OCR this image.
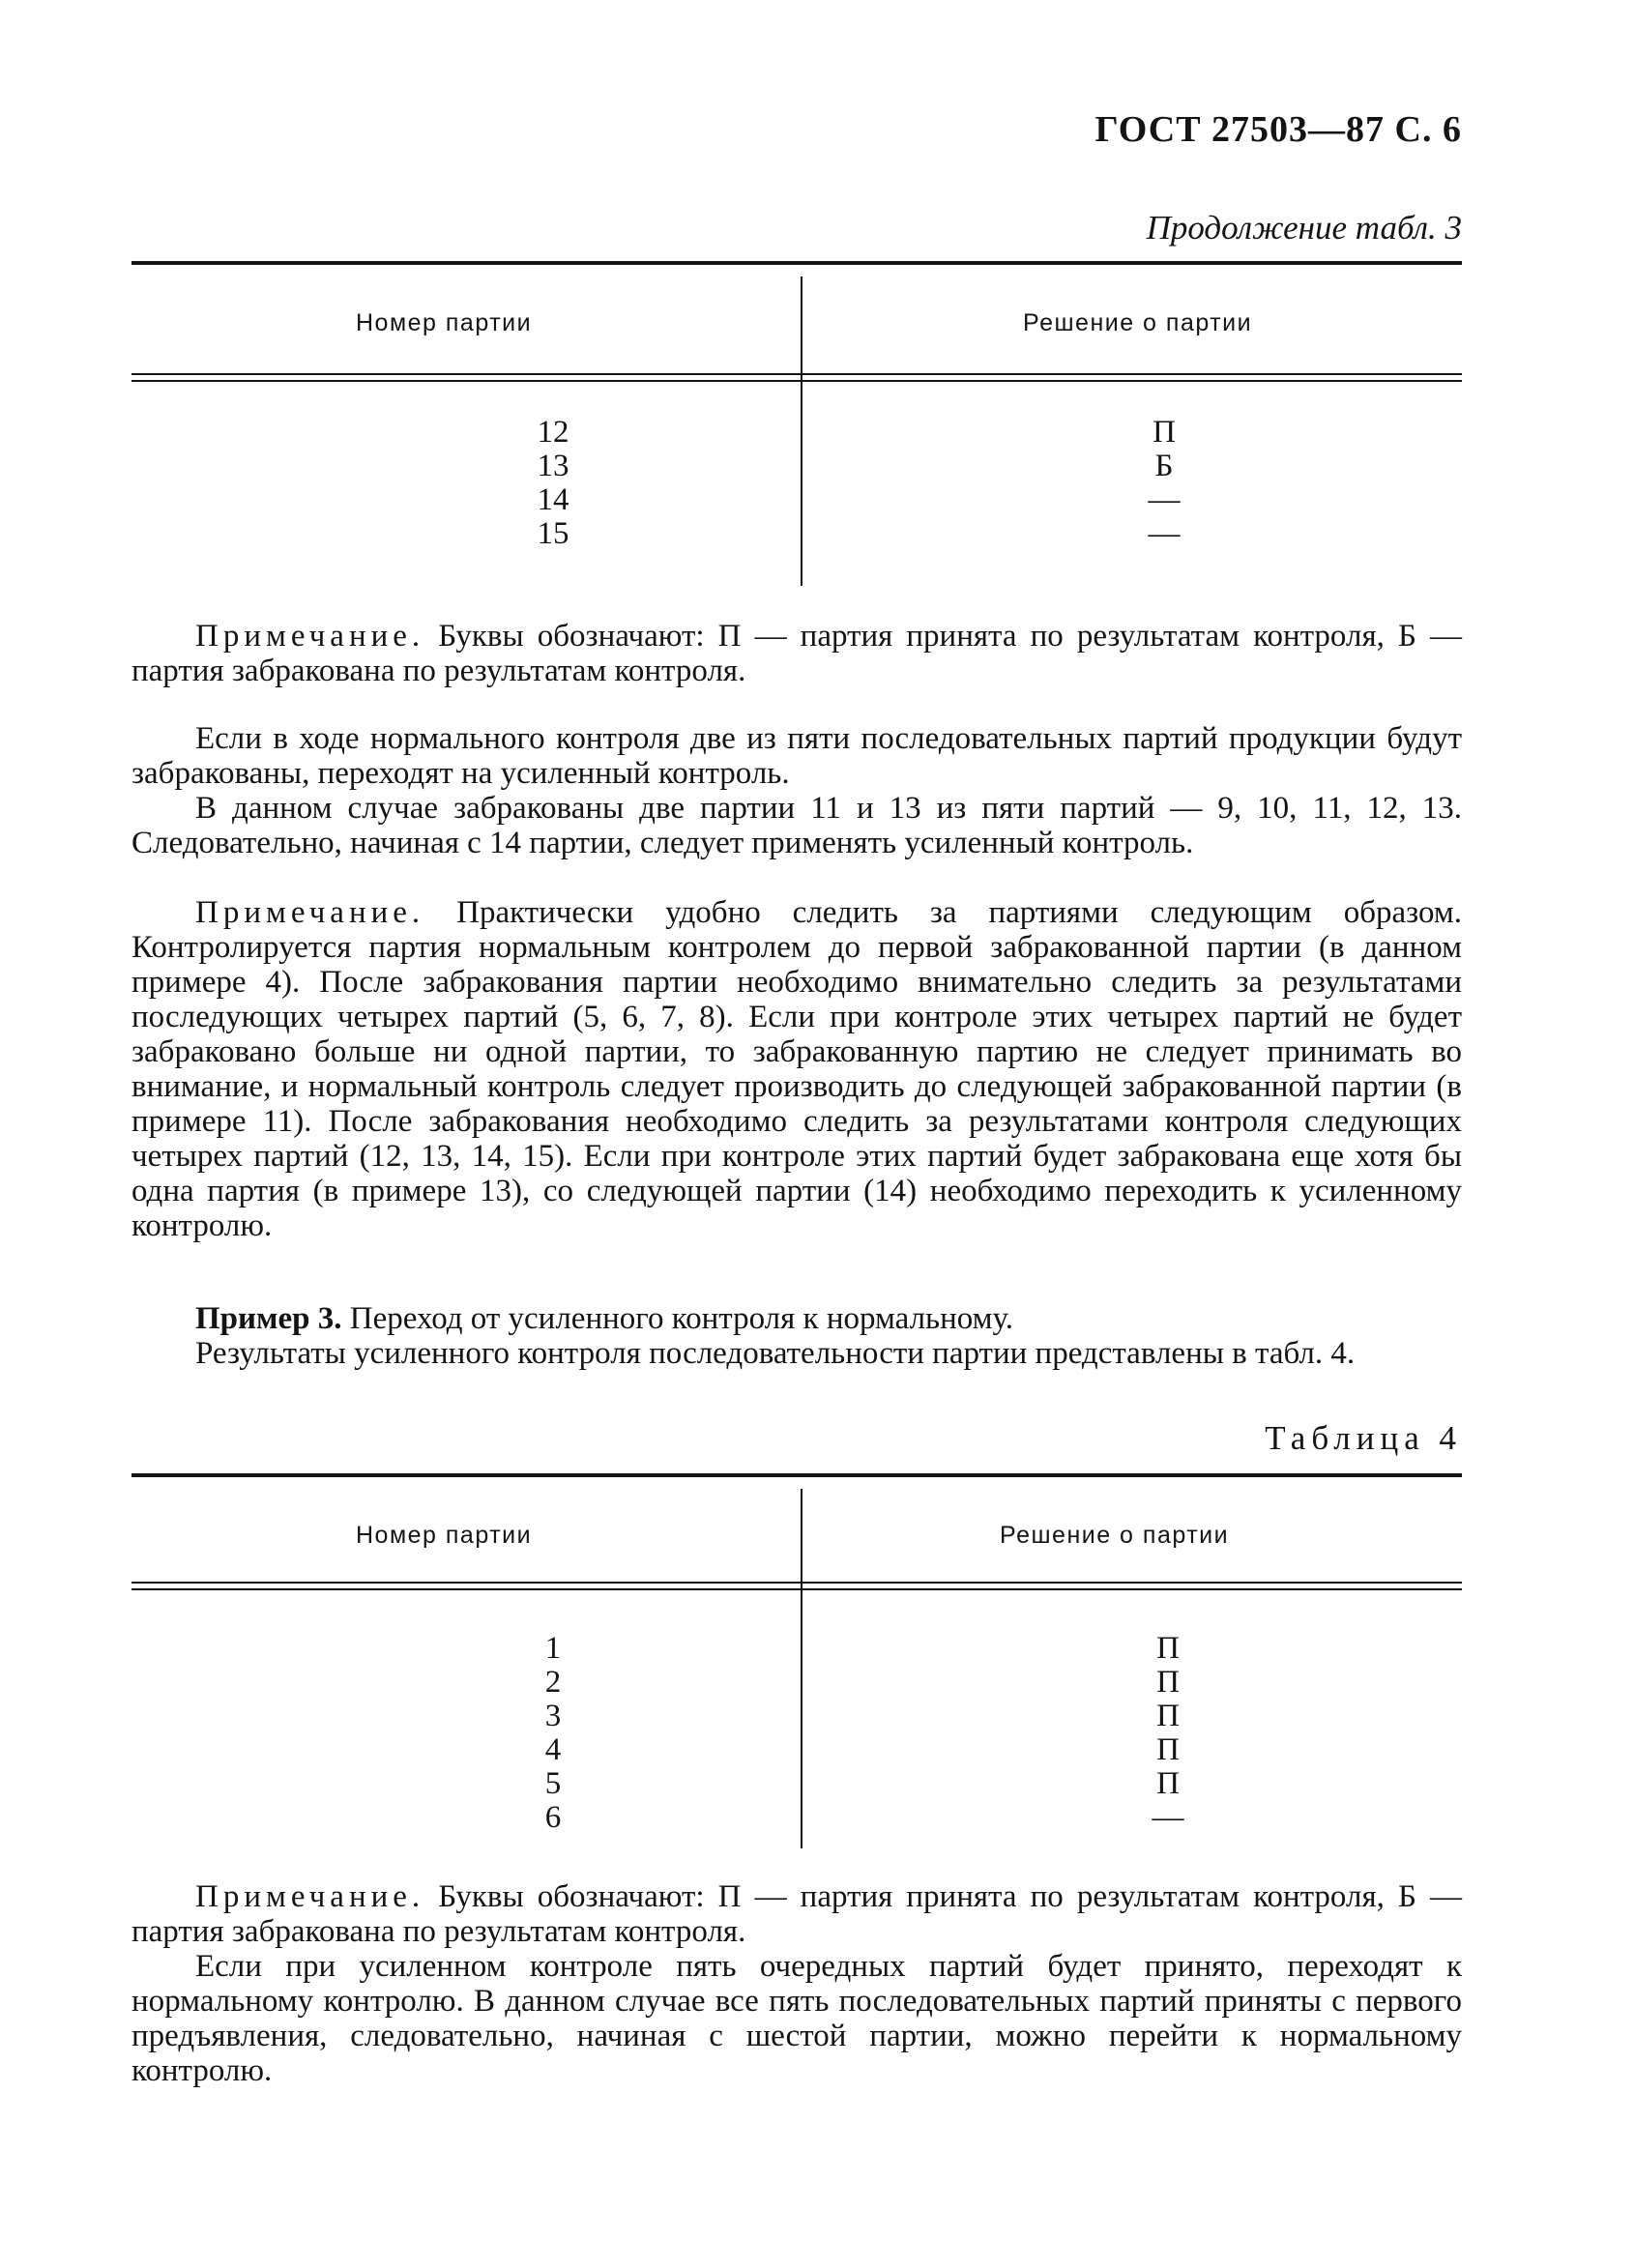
ГОСТ 27503—87 С. 6
Продолжение табл. 3
Номер партии	Решение о партии
12
13
14
15
П
Б
—
—

Примечание. Буквы обозначают: П — партия принята по результатам контроля, Б — партия забракована по результатам контроля.

Если в ходе нормального контроля две из пяти последовательных партий продукции будут забракованы, переходят на усиленный контроль.

В данном случае забракованы две партии 11 и 13 из пяти партий — 9, 10, 11, 12, 13. Следовательно, начиная с 14 партии, следует применять усиленный контроль.

Примечание. Практически удобно следить за партиями следующим образом. Контролируется партия нормальным контролем до первой забракованной партии (в данном примере 4). После забракования партии необходимо внимательно следить за результатами последующих четырех партий (5, 6, 7, 8). Если при контроле этих четырех партий не будет забраковано больше ни одной партии, то забракованную партию не следует принимать во внимание, и нормальный контроль следует производить до следующей забракованной партии (в примере 11). После забракования необходимо следить за результатами контроля следующих четырех партий (12, 13, 14, 15). Если при контроле этих партий будет забракована еще хотя бы одна партия (в примере 13), со следующей партии (14) необходимо переходить к усиленному контролю.

Пример 3. Переход от усиленного контроля к нормальному.

Результаты усиленного контроля последовательности партии представлены в табл. 4.

Таблица 4
Номер партии	Решение о партии
1
2
3
4
5
6
П
П
П
П
П
—

Примечание. Буквы обозначают: П — партия принята по результатам контроля, Б — партия забракована по результатам контроля.

Если при усиленном контроле пять очередных партий будет принято, переходят к нормальному контролю. В данном случае все пять последовательных партий приняты с первого предъявления, следовательно, начиная с шестой партии, можно перейти к нормальному контролю.
